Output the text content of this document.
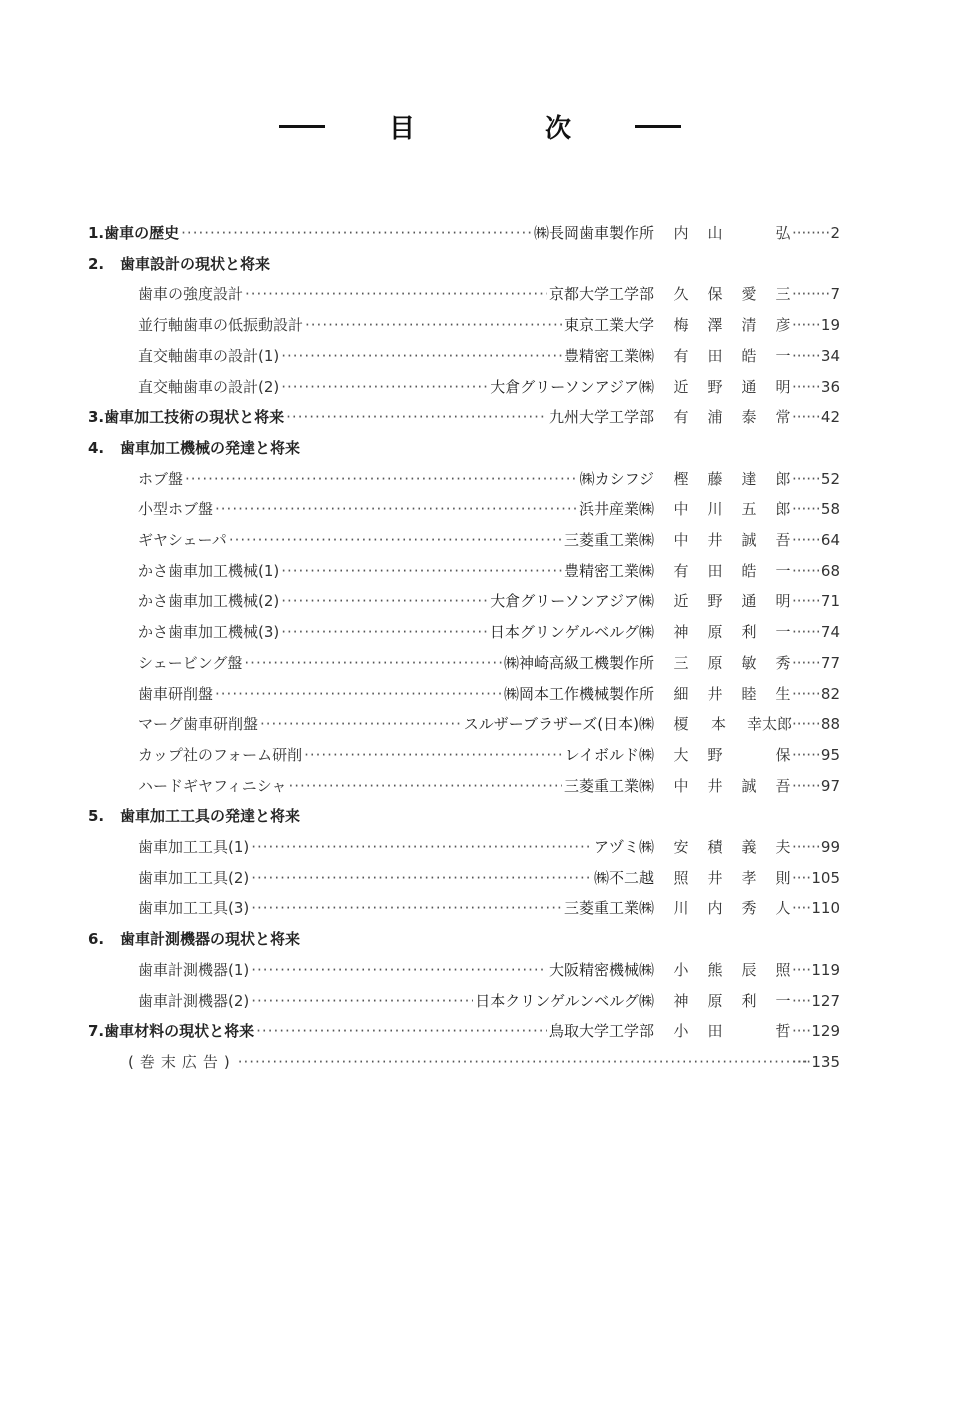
目　次
1. 歯車の歴史 ·····	㈱長岡歯車製作所 内 山	弘 ·····	2
2.	歯車設計の現状と将来
歯車の強度設計 ·····	京都大学工学部 久 保 愛 三 ·····	7
並行軸歯車の低振動設計 ·····	東京工業大学 梅 澤 清 彦 ····· 19
直交軸歯車の設計(1) ·····	豊精密工業㈱ 有 田 皓 一 ····· 34
直交軸歯車の設計(2) ·····	大倉グリーソンアジア㈱ 近 野 通 明 ····· 36
3. 歯車加工技術の現状と将来 ·····	九州大学工学部 有 浦 泰 常 ····· 42
4.	歯車加工機械の発達と将来
ホブ盤 ·····	㈱カシフジ 樫 藤 達 郎 ····· 52
小型ホブ盤 ·····	浜井産業㈱ 中 川 五 郎 ····· 58
ギヤシェーパ ·····	三菱重工業㈱ 中 井 誠 吾 ····· 64
かさ歯車加工機械(1) ·····	豊精密工業㈱ 有 田 皓 一 ····· 68
かさ歯車加工機械(2) ·····	大倉グリーソンアジア㈱ 近 野 通 明 ····· 71
かさ歯車加工機械(3) ·····	日本グリンゲルベルグ㈱ 神 原 利 一 ····· 74
シェービング盤 ·····	㈱神崎高級工機製作所 三 原 敏 秀 ····· 77
歯車研削盤 ·····	㈱岡本工作機械製作所 細 井 睦 生 ····· 82
マーグ歯車研削盤 ·····	スルザーブラザーズ(日本)㈱ 榎 本 幸太郎 ····· 88
カップ社のフォーム研削 ·····	レイボルド㈱ 大 野	保 ····· 95
ハードギヤフィニシャ ·····	三菱重工業㈱ 中 井 誠 吾 ····· 97
5.	歯車加工工具の発達と将来
歯車加工工具(1) ·····	アヅミ㈱ 安 積 義 夫 ····· 99
歯車加工工具(2) ·····	㈱不二越 照 井 孝 則 ····· 105
歯車加工工具(3) ·····	三菱重工業㈱ 川 内 秀 人 ····· 110
6.	歯車計測機器の現状と将来
歯車計測機器(1) ·····	大阪精密機械㈱ 小 熊 辰 照 ····· 119
歯車計測機器(2) ·····	日本クリンゲルンベルグ㈱ 神 原 利 一 ····· 127
7. 歯車材料の現状と将来 ·····	鳥取大学工学部 小 田	哲 ····· 129
(巻末広告) ····· ·····	135
